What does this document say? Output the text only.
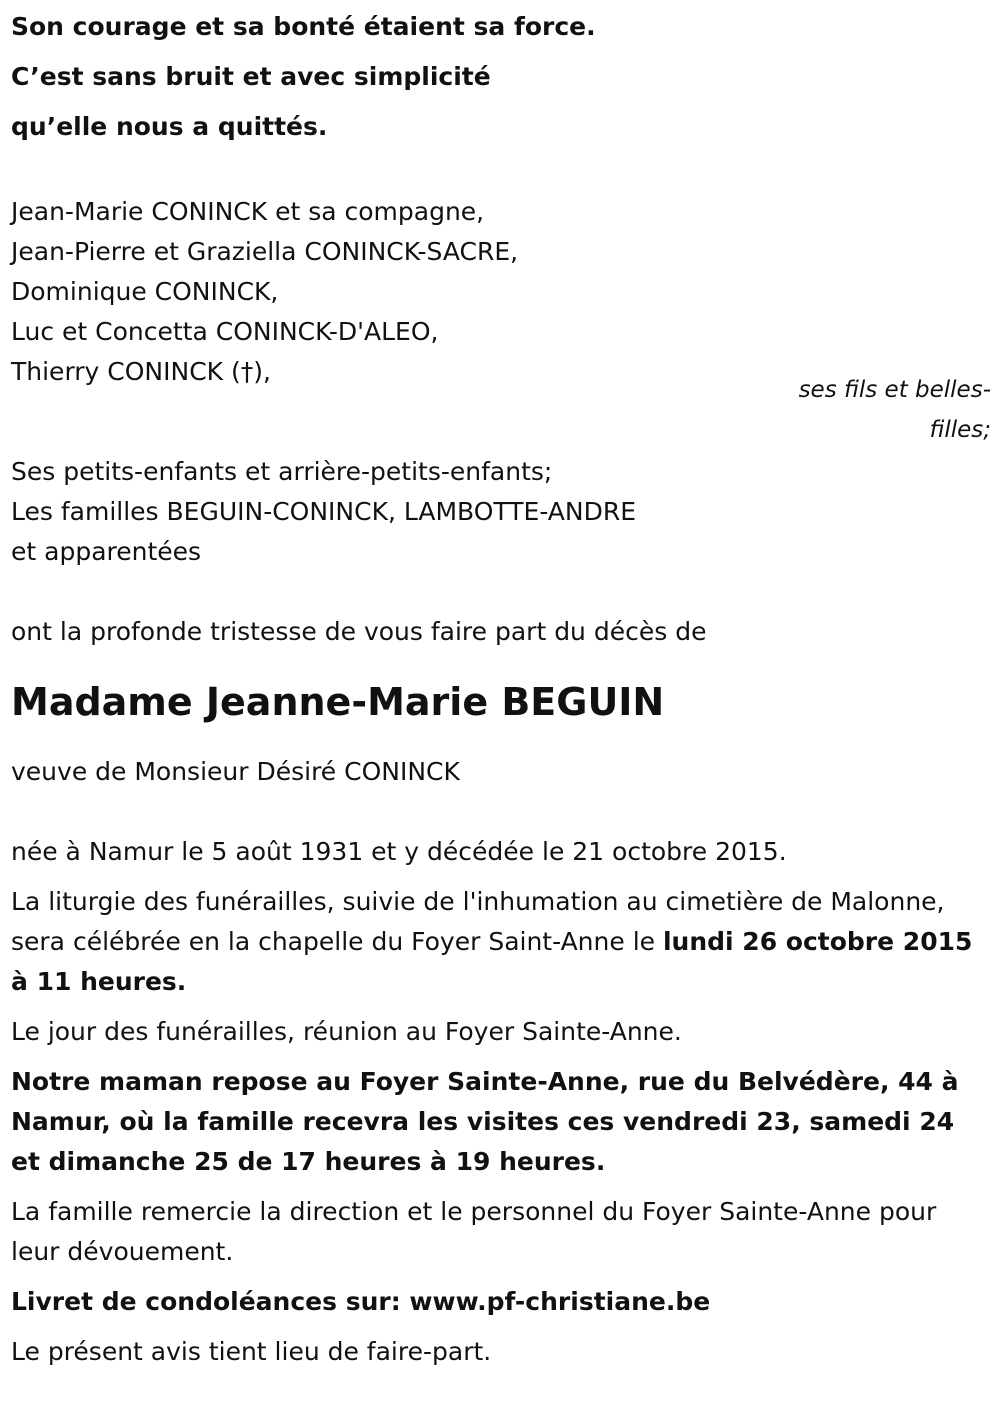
Son courage et sa bonté étaient sa force.
C’est sans bruit et avec simplicité
qu’elle nous a quittés.
Jean-Marie CONINCK et sa compagne,
Jean-Pierre et Graziella CONINCK-SACRE,
Dominique CONINCK,
Luc et Concetta CONINCK-D'ALEO,
Thierry CONINCK (†),
ses fils et belles-filles;
Ses petits-enfants et arrière-petits-enfants;
Les familles BEGUIN-CONINCK, LAMBOTTE-ANDRE
et apparentées
ont la profonde tristesse de vous faire part du décès de
Madame Jeanne-Marie BEGUIN
veuve de Monsieur Désiré CONINCK
née à Namur le 5 août 1931 et y décédée le 21 octobre 2015.
La liturgie des funérailles, suivie de l'inhumation au cimetière de Malonne, sera célébrée en la chapelle du Foyer Saint-Anne le lundi 26 octobre 2015 à 11 heures.
Le jour des funérailles, réunion au Foyer Sainte-Anne.
Notre maman repose au Foyer Sainte-Anne, rue du Belvédère, 44 à Namur, où la famille recevra les visites ces vendredi 23, samedi 24 et dimanche 25 de 17 heures à 19 heures.
La famille remercie la direction et le personnel du Foyer Sainte-Anne pour leur dévouement.
Livret de condoléances sur: www.pf-christiane.be
Le présent avis tient lieu de faire-part.
